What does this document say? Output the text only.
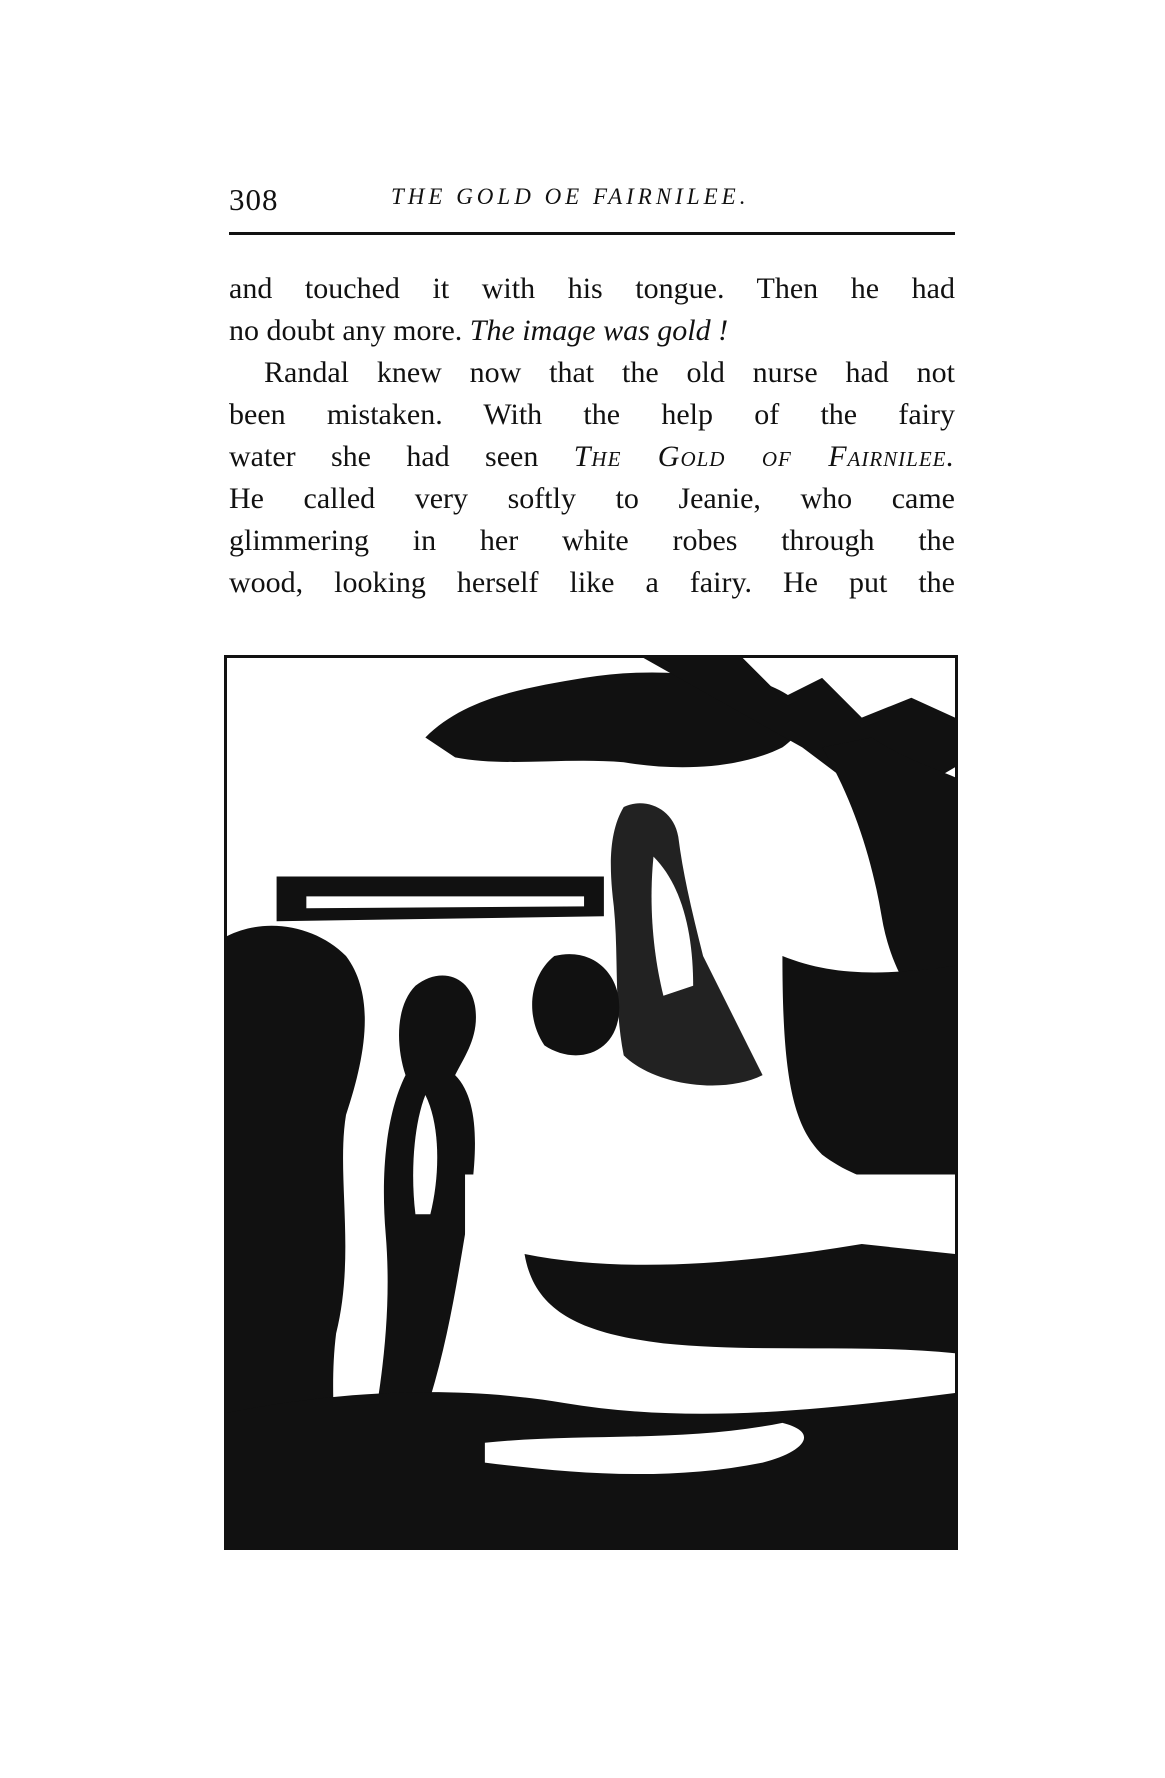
308	THE GOLD OE FAIRNILEE.
and touched it with his tongue. Then he had
no doubt any more. The image was gold !
Randal knew now that the old nurse had not
been mistaken. With the help of the fairy
water she had seen The Gold of Fairnilee.
He called very softly to Jeanie, who came
glimmering in her white robes through the
wood, looking herself like a fairy. He put the
